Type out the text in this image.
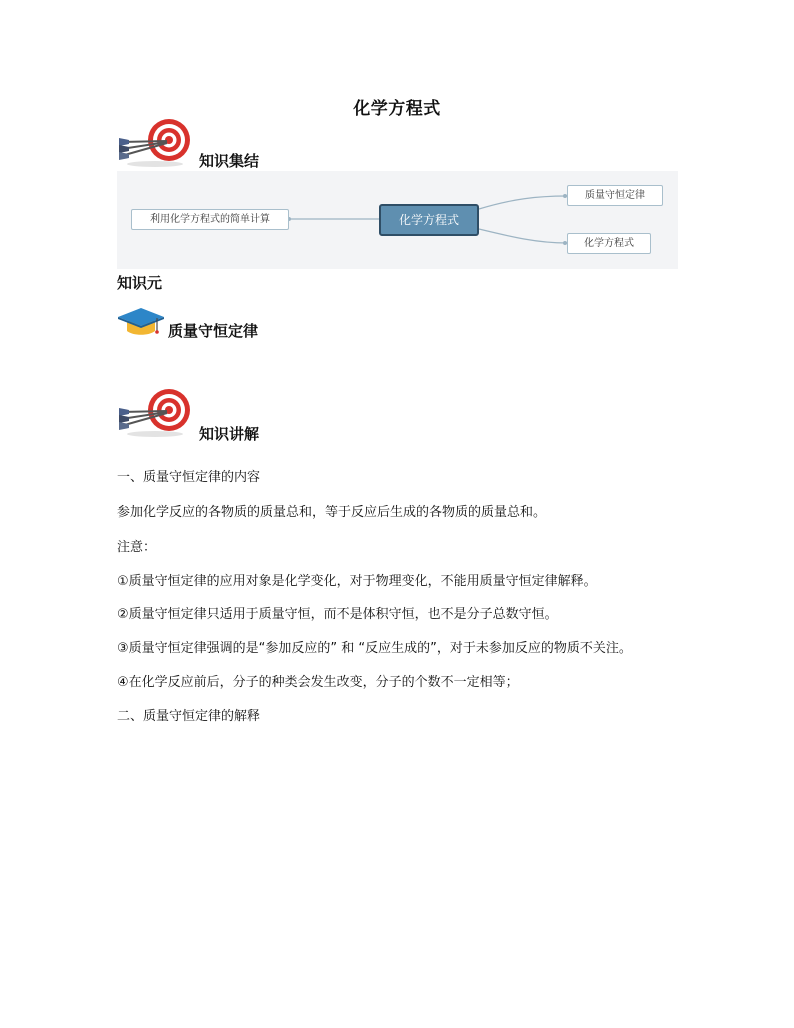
化学方程式
知识集结
利用化学方程式的简单计算	化学方程式
质量守恒定律
化学方程式
知识元
质量守恒定律
知识讲解
一、质量守恒定律的内容
参加化学反应的各物质的质量总和，等于反应后生成的各物质的质量总和。
注意：
①质量守恒定律的应用对象是化学变化，对于物理变化，不能用质量守恒定律解释。
②质量守恒定律只适用于质量守恒，而不是体积守恒，也不是分子总数守恒。
③质量守恒定律强调的是“参加反应的” 和 “反应生成的”，对于未参加反应的物质不关注。
④在化学反应前后，分子的种类会发生改变，分子的个数不一定相等；
二、质量守恒定律的解释
